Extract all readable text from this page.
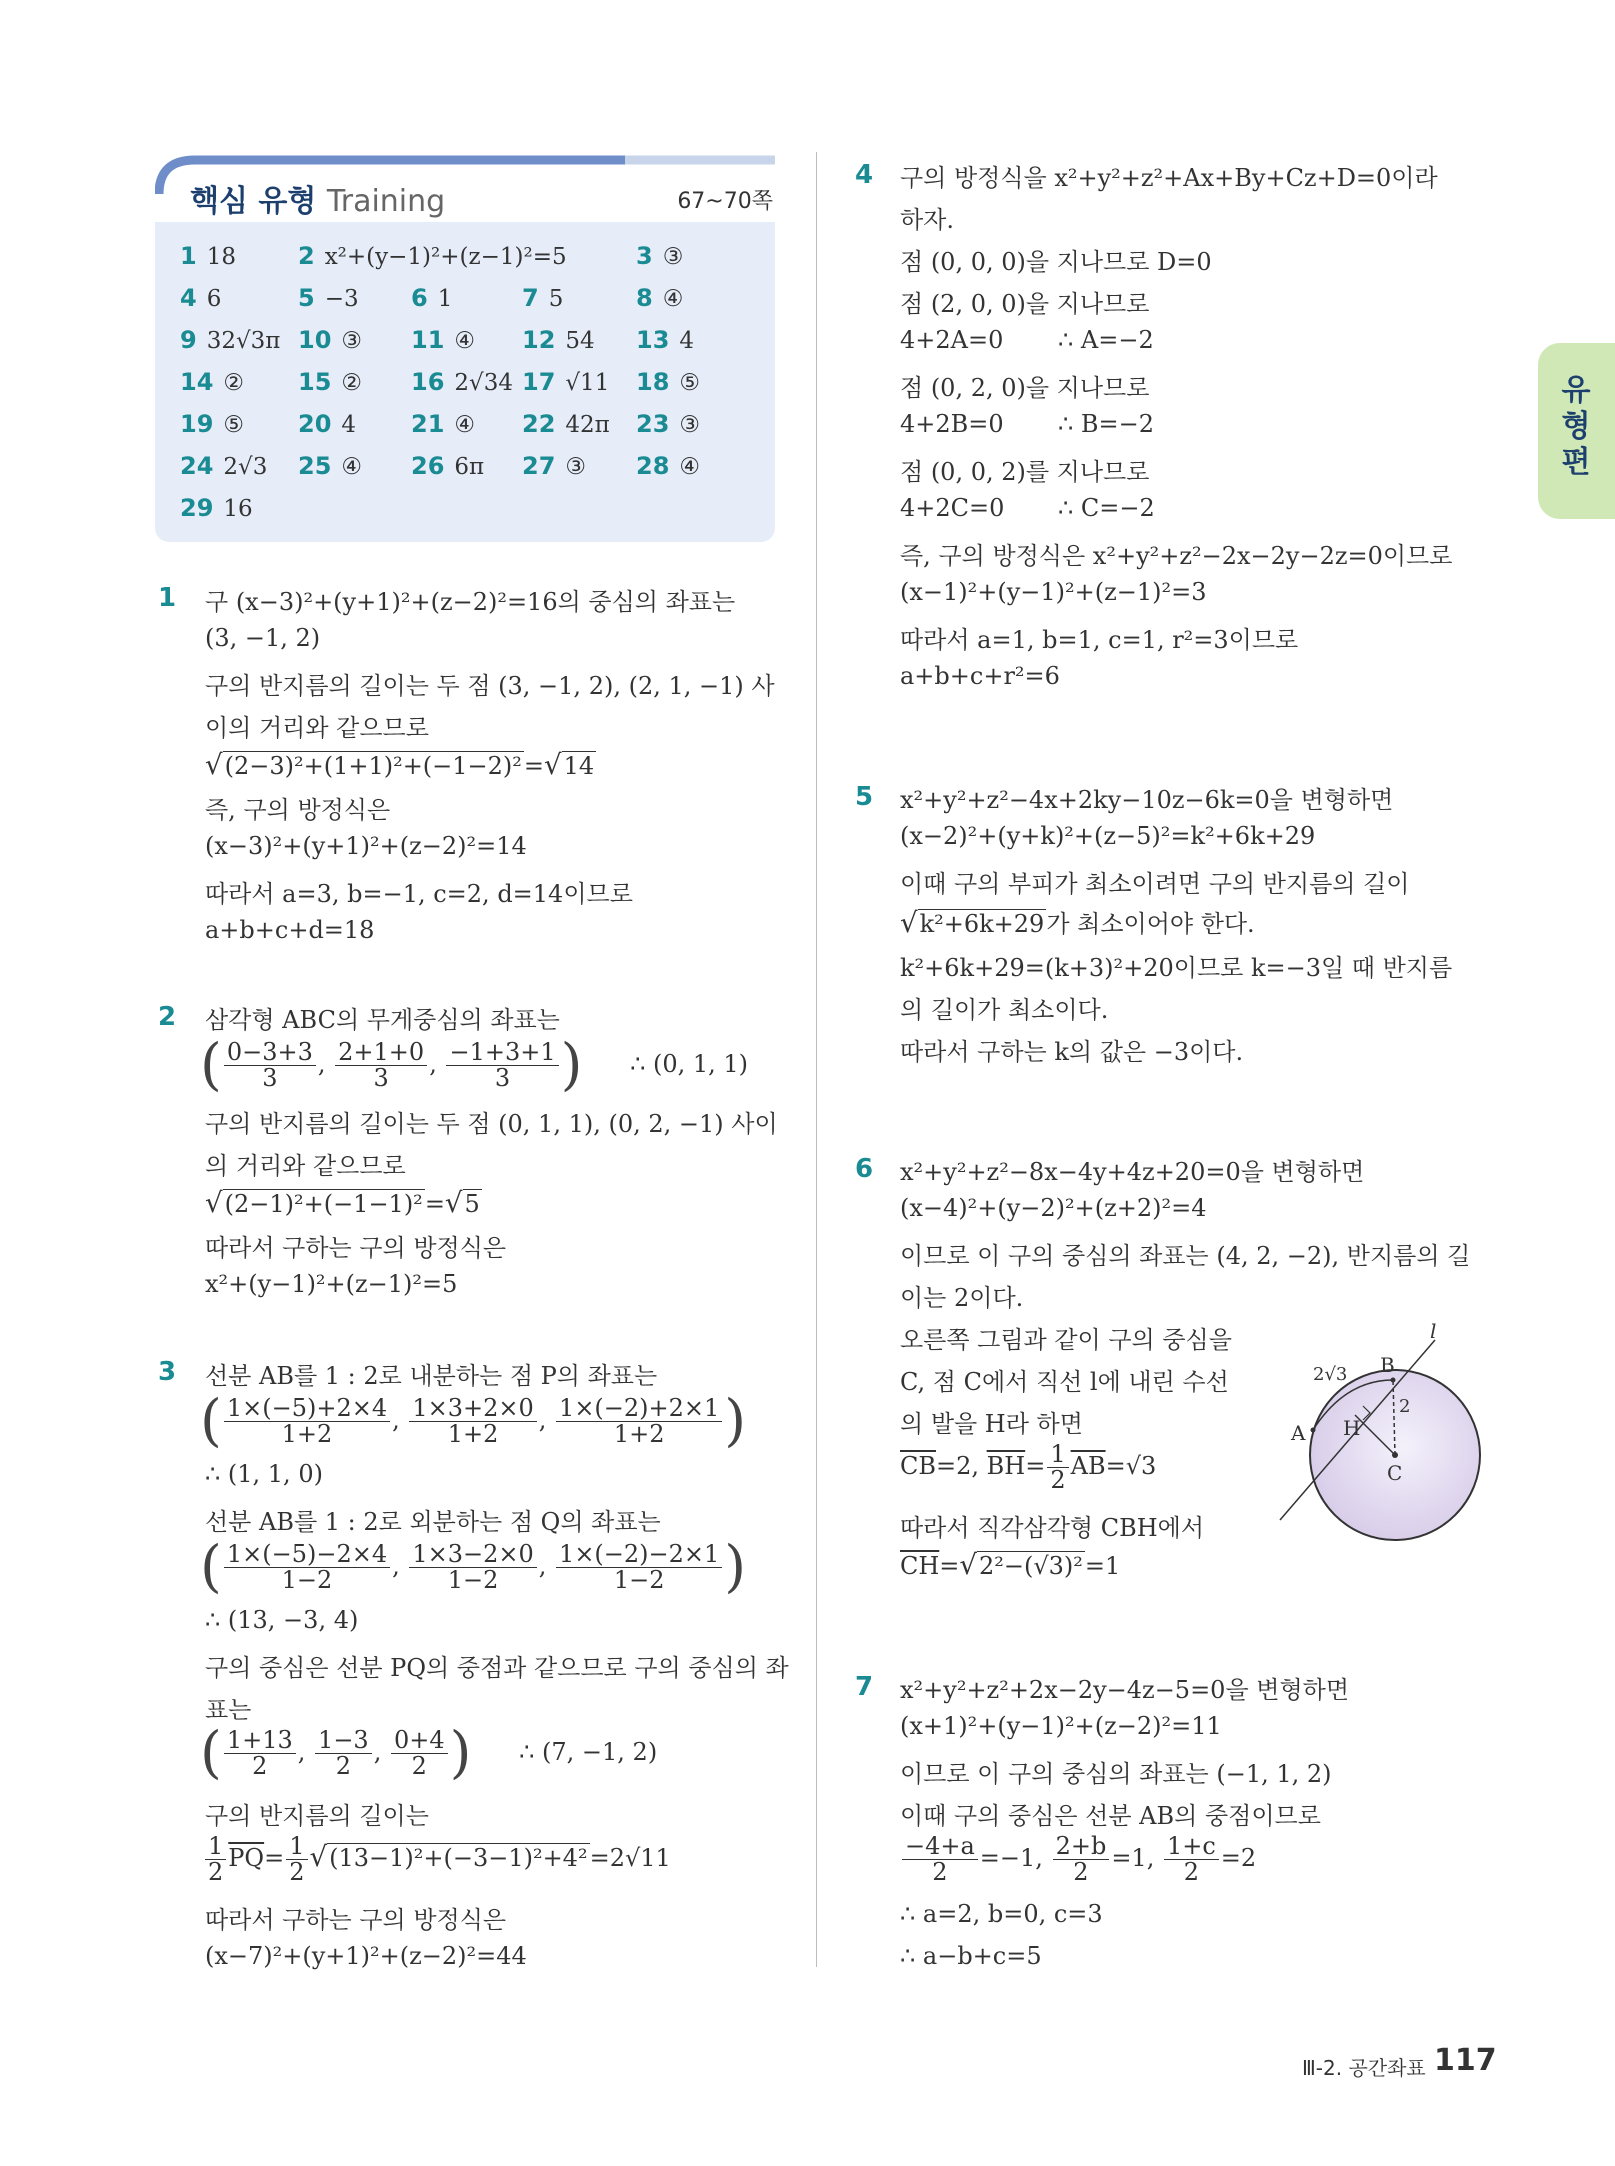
핵심 유형 Training	67~70쪽
1 18	2 x²+(y−1)²+(z−1)²=5	3 ③
4 6	5 −3 6 1	7 5	8 ④
9 32√3π 10 ③ 11 ④ 12 54 13 4
14 ② 15 ② 16 2√34 17 √11 18 ⑤
19 ⑤ 20 4 21 ④ 22 42π 23 ③
24 2√3 25 ④ 26 6π 27 ③ 28 ④
29 16
1 구 (x−3)²+(y+1)²+(z−2)²=16의 중심의 좌표는
(3, −1, 2)
구의 반지름의 길이는 두 점 (3, −1, 2), (2, 1, −1) 사
이의 거리와 같으므로
√(2−3)²+(1+1)²+(−1−2)²=√14
즉, 구의 방정식은
(x−3)²+(y+1)²+(z−2)²=14
따라서 a=3, b=−1, c=2, d=14이므로
a+b+c+d=18
2 삼각형 ABC의 무게중심의 좌표는
( $\frac{0-3+3}{3}$ , $\frac{2+1+0}{3}$ , $\frac{-1+3+1}{3}$ ) ∴ (0, 1, 1)
구의 반지름의 길이는 두 점 (0, 1, 1), (0, 2, −1) 사이
의 거리와 같으므로
√(2−1)²+(−1−1)²=√5
따라서 구하는 구의 방정식은
x²+(y−1)²+(z−1)²=5
3 선분 AB를 1 : 2로 내분하는 점 P의 좌표는
( $\frac{1\times(-5)+2\times 4}{1+2}$ , $\frac{1\times 3+2\times 0}{1+2}$ , $\frac{1\times(-2)+2\times 1}{1+2}$ )
∴ (1, 1, 0)
선분 AB를 1 : 2로 외분하는 점 Q의 좌표는
( $\frac{1\times(-5)-2\times 4}{1-2}$ , $\frac{1\times 3-2\times 0}{1-2}$ , $\frac{1\times(-2)-2\times 1}{1-2}$ )
∴ (13, −3, 4)
구의 중심은 선분 PQ의 중점과 같으므로 구의 중심의 좌
표는
( $\frac{1+13}{2}$ , $\frac{1-3}{2}$ , $\frac{0+4}{2}$ ) ∴ (7, −1, 2)
구의 반지름의 길이는
$\frac{1}{2} \overline{PQ}= \frac{1}{2} √(13-1)^2+(-3-1)^2+4^2=2√11$
따라서 구하는 구의 방정식은
(x−7)²+(y+1)²+(z−2)²=44
4 구의 방정식을 x²+y²+z²+Ax+By+Cz+D=0이라
하자.
점 (0, 0, 0)을 지나므로 D=0
점 (2, 0, 0)을 지나므로
4+2A=0 ∴ A=−2
점 (0, 2, 0)을 지나므로
4+2B=0 ∴ B=−2
점 (0, 0, 2)를 지나므로
4+2C=0 ∴ C=−2
즉, 구의 방정식은 x²+y²+z²−2x−2y−2z=0이므로
(x−1)²+(y−1)²+(z−1)²=3
따라서 a=1, b=1, c=1, r²=3이므로
a+b+c+r²=6
5 x²+y²+z²−4x+2ky−10z−6k=0을 변형하면
(x−2)²+(y+k)²+(z−5)²=k²+6k+29
이때 구의 부피가 최소이려면 구의 반지름의 길이
√k²+6k+29가 최소이어야 한다.
k²+6k+29=(k+3)²+20이므로 k=−3일 때 반지름
의 길이가 최소이다.
따라서 구하는 k의 값은 −3이다.
6 x²+y²+z²−8x−4y+4z+20=0을 변형하면
(x−4)²+(y−2)²+(z+2)²=4
이므로 이 구의 중심의 좌표는 (4, 2, −2), 반지름의 길
이는 2이다.
오른쪽 그림과 같이 구의 중심을
C, 점 C에서 직선 l에 내린 수선
의 발을 H라 하면
$\overline{CB}=2$, $\overline{BH}= \frac{1}{2} \overline{AB}=√3$
따라서 직각삼각형 CBH에서
$\overline{CH}=√2^2-(√3)^2=1$
l
B
A H
C
2
2√3
7 x²+y²+z²+2x−2y−4z−5=0을 변형하면
(x+1)²+(y−1)²+(z−2)²=11
이므로 이 구의 중심의 좌표는 (−1, 1, 2)
이때 구의 중심은 선분 AB의 중점이므로
$\frac{-4+a}{2} =-1$, $\frac{2+b}{2} =1$, $\frac{1+c}{2} =2$
∴ a=2, b=0, c=3
∴ a−b+c=5
유형편
Ⅲ-2. 공간좌표 117
